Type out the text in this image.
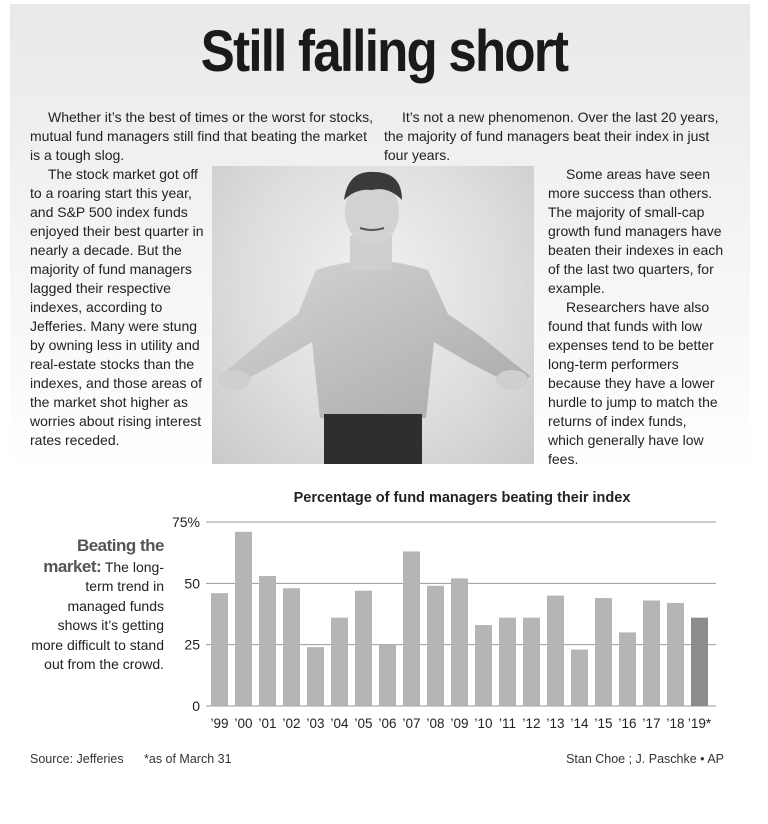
Still falling short

Whether it’s the best of times or the worst for stocks, mutual fund managers still find that beating the market is a tough slog.

It’s not a new phenomenon. Over the last 20 years, the majority of fund managers beat their index in just four years.

The stock market got off to a roaring start this year, and S&P 500 index funds enjoyed their best quarter in nearly a decade. But the majority of fund managers lagged their respective indexes, according to Jefferies. Many were stung by owning less in utility and real-estate stocks than the indexes, and those areas of the market shot higher as worries about rising interest rates receded.

Some areas have seen more success than others. The majority of small-cap growth fund managers have beaten their indexes in each of the last two quarters, for example.

Researchers have also found that funds with low expenses tend to be better long-term performers because they have a lower hurdle to jump to match the returns of index funds, which generally have low fees.

Percentage of fund managers beating their index
Beating the market: The long-term trend in managed funds shows it’s getting more difficult to stand out from the crowd.
0
25
50
75%
’99 ’00 ’01 ’02 ’03 ’04 ’05 ’06 ’07 ’08 ’09 ’10 ’11 ’12 ’13 ’14 ’15 ’16 ’17 ’18 ’19*
Source: Jefferies *as of March 31	Stan Choe ; J. Paschke • AP
